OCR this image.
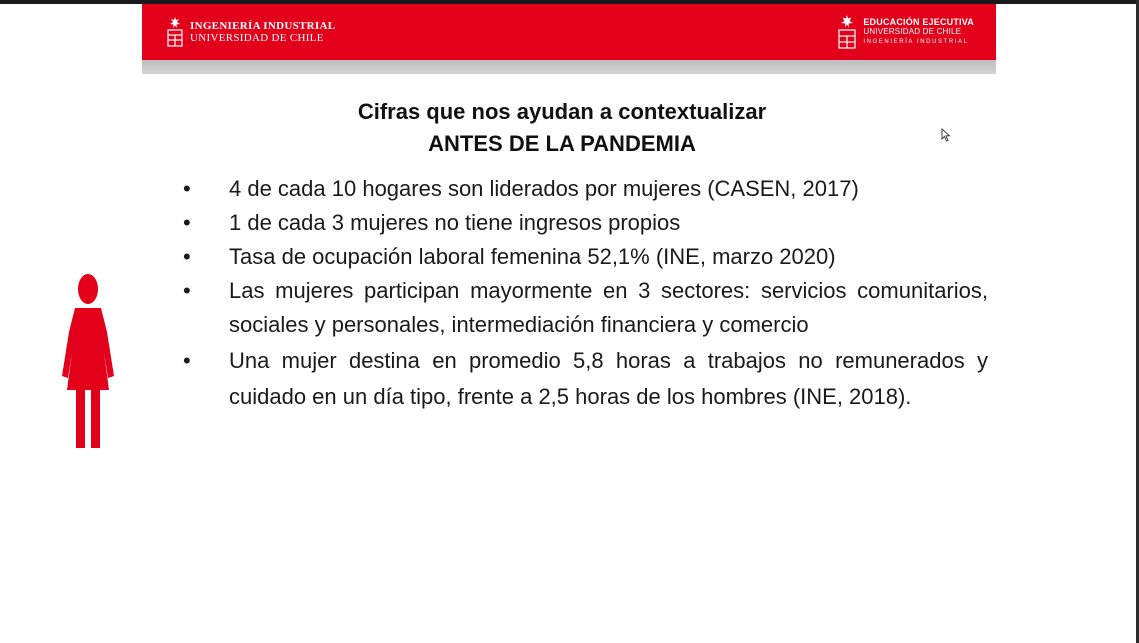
INGENIERÍA INDUSTRIAL
UNIVERSIDAD DE CHILE
EDUCACIÓN EJECUTIVA
UNIVERSIDAD DE CHILE
INGENIERÍA INDUSTRIAL
Cifras que nos ayudan a contextualizar
ANTES DE LA PANDEMIA
• 4 de cada 10 hogares son liderados por mujeres (CASEN, 2017)
• 1 de cada 3 mujeres no tiene ingresos propios
• Tasa de ocupación laboral femenina 52,1% (INE, marzo 2020)
• Las mujeres participan mayormente en 3 sectores: servicios comunitarios, sociales y personales, intermediación financiera y comercio
• Una mujer destina en promedio 5,8 horas a trabajos no remunerados y cuidado en un día tipo, frente a 2,5 horas de los hombres (INE, 2018).
